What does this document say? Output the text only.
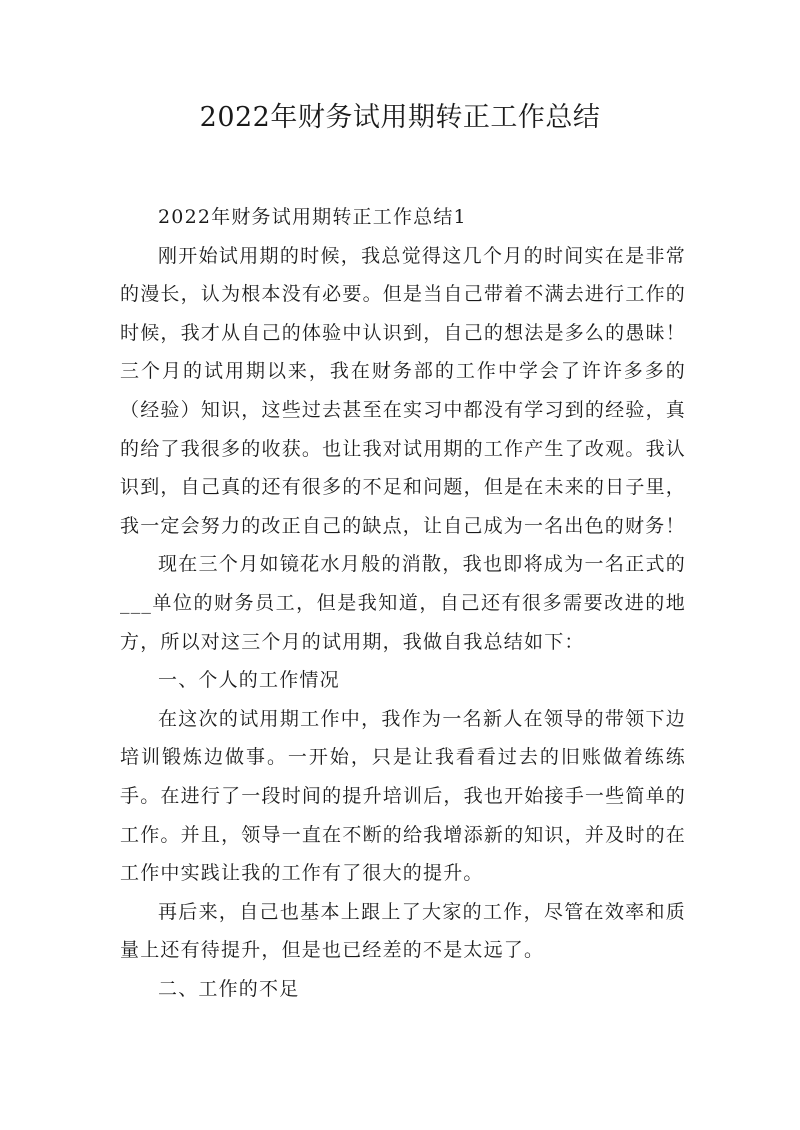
2022年财务试用期转正工作总结

2022年财务试用期转正工作总结1

刚开始试用期的时候，我总觉得这几个月的时间实在是非常的漫长，认为根本没有必要。但是当自己带着不满去进行工作的时候，我才从自己的体验中认识到，自己的想法是多么的愚昧！三个月的试用期以来，我在财务部的工作中学会了许许多多的（经验）知识，这些过去甚至在实习中都没有学习到的经验，真的给了我很多的收获。也让我对试用期的工作产生了改观。我认识到，自己真的还有很多的不足和问题，但是在未来的日子里，我一定会努力的改正自己的缺点，让自己成为一名出色的财务！

现在三个月如镜花水月般的消散，我也即将成为一名正式的___单位的财务员工，但是我知道，自己还有很多需要改进的地方，所以对这三个月的试用期，我做自我总结如下：

一、个人的工作情况

在这次的试用期工作中，我作为一名新人在领导的带领下边培训锻炼边做事。一开始，只是让我看看过去的旧账做着练练手。在进行了一段时间的提升培训后，我也开始接手一些简单的工作。并且，领导一直在不断的给我增添新的知识，并及时的在工作中实践让我的工作有了很大的提升。

再后来，自己也基本上跟上了大家的工作，尽管在效率和质量上还有待提升，但是也已经差的不是太远了。

二、工作的不足
